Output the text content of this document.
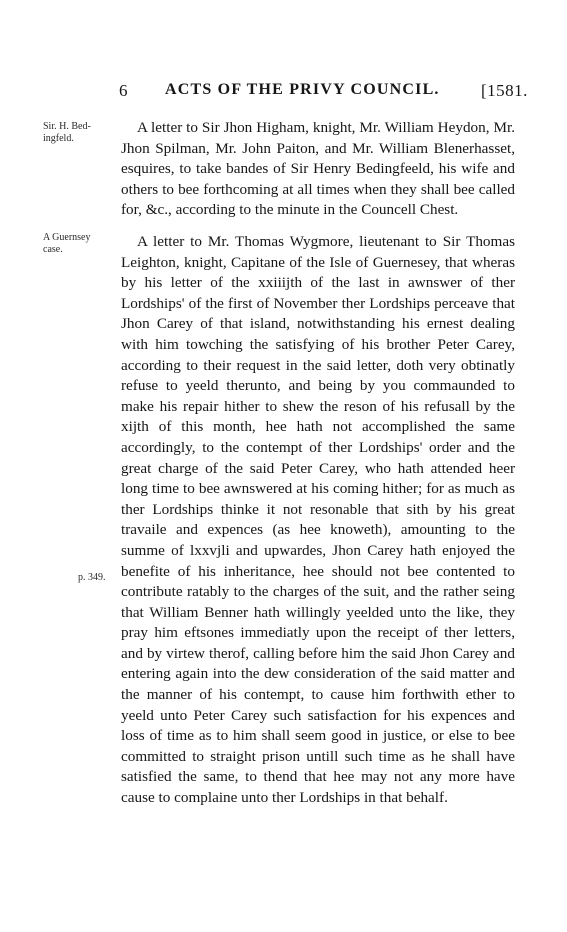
6 ACTS OF THE PRIVY COUNCIL. [1581.
Sir. H. Bed-
ingfeld.
A Guernsey
case.
p. 349.

A letter to Sir Jhon Higham, knight, Mr. William Heydon, Mr. Jhon Spilman, Mr. John Paiton, and Mr. William Blenerhasset, esquires, to take bandes of Sir Henry Bedingfeeld, his wife and others to bee forthcoming at all times when they shall bee called for, &c., according to the minute in the Councell Chest.

A letter to Mr. Thomas Wygmore, lieutenant to Sir Thomas Leighton, knight, Capitane of the Isle of Guernesey, that wheras by his letter of the xxiiijth of the last in awnswer of ther Lordships' of the first of November ther Lordships perceave that Jhon Carey of that island, notwithstanding his ernest dealing with him towching the satisfying of his brother Peter Carey, according to their request in the said letter, doth very obtinatly refuse to yeeld therunto, and being by you commaunded to make his repair hither to shew the reson of his refusall by the xijth of this month, hee hath not accomplished the same accordingly, to the contempt of ther Lordships' order and the great charge of the said Peter Carey, who hath attended heer long time to bee awnswered at his coming hither; for as much as ther Lordships thinke it not resonable that sith by his great travaile and expences (as hee knoweth), amounting to the summe of lxxvjli and upwardes, Jhon Carey hath enjoyed the benefite of his inheritance, hee should not bee contented to contribute ratably to the charges of the suit, and the rather seing that William Benner hath willingly yeelded unto the like, they pray him eftsones immediatly upon the receipt of ther letters, and by virtew therof, calling before him the said Jhon Carey and entering again into the dew consideration of the said matter and the manner of his contempt, to cause him forthwith ether to yeeld unto Peter Carey such satisfaction for his expences and loss of time as to him shall seem good in justice, or else to bee committed to straight prison untill such time as he shall have satisfied the same, to thend that hee may not any more have cause to complaine unto ther Lordships in that behalf.
